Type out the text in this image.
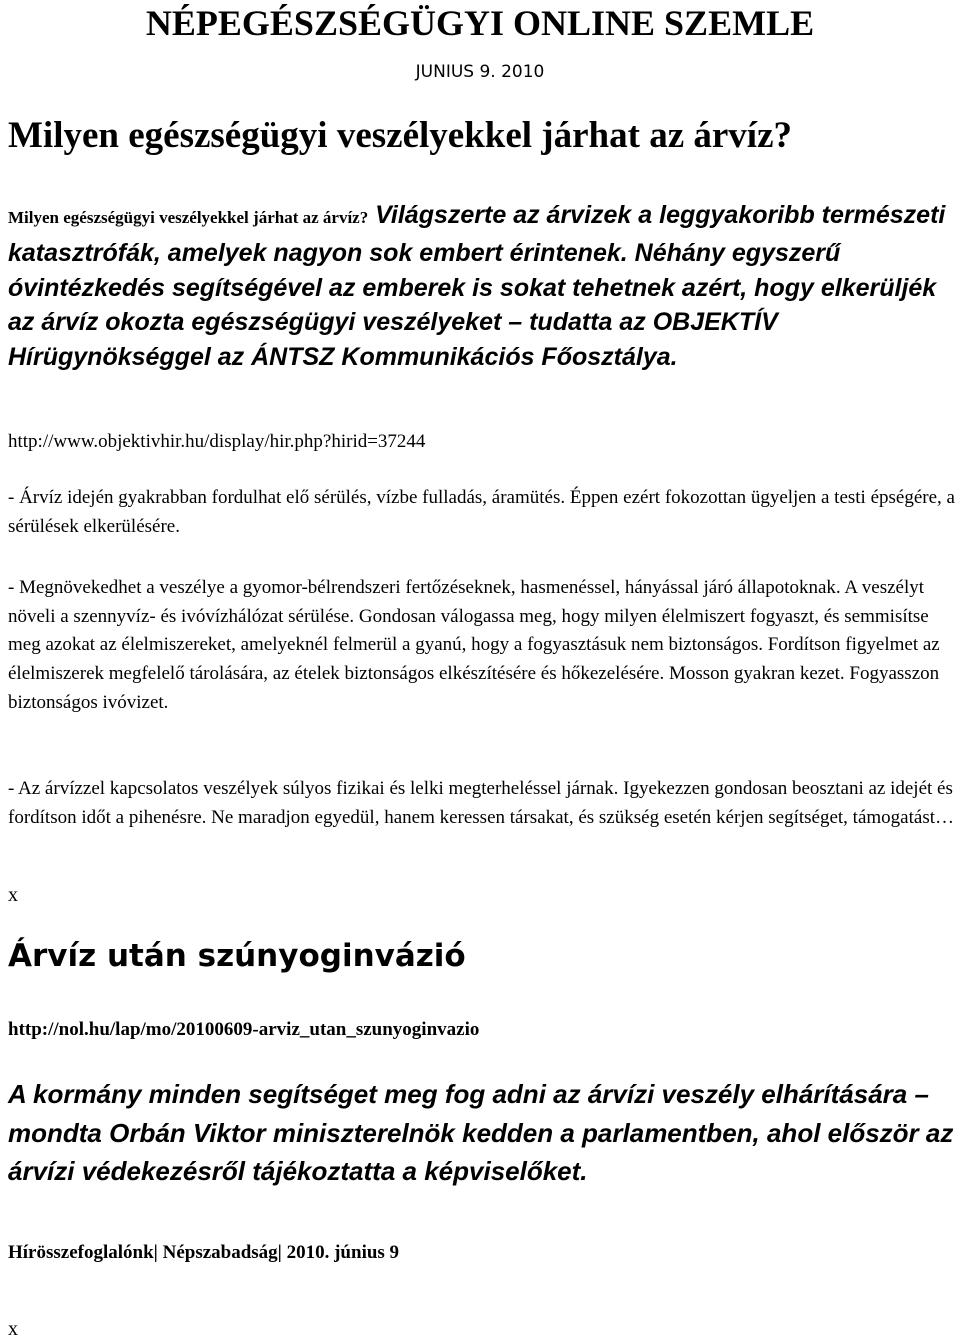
NÉPEGÉSZSÉGÜGYI ONLINE SZEMLE
JUNIUS 9. 2010
Milyen egészségügyi veszélyekkel járhat az árvíz?

Milyen egészségügyi veszélyekkel járhat az árvíz? Világszerte az árvizek a leggyakoribb természeti katasztrófák, amelyek nagyon sok embert érintenek. Néhány egyszerű óvintézkedés segítségével az emberek is sokat tehetnek azért, hogy elkerüljék az árvíz okozta egészségügyi veszélyeket – tudatta az OBJEKTÍV Hírügynökséggel az ÁNTSZ Kommunikációs Főosztálya.

http://www.objektivhir.hu/display/hir.php?hirid=37244

- Árvíz idején gyakrabban fordulhat elő sérülés, vízbe fulladás, áramütés. Éppen ezért fokozottan ügyeljen a testi épségére, a sérülések elkerülésére.

- Megnövekedhet a veszélye a gyomor-bélrendszeri fertőzéseknek, hasmenéssel, hányással járó állapotoknak. A veszélyt növeli a szennyvíz- és ivóvízhálózat sérülése. Gondosan válogassa meg, hogy milyen élelmiszert fogyaszt, és semmisítse meg azokat az élelmiszereket, amelyeknél felmerül a gyanú, hogy a fogyasztásuk nem biztonságos. Fordítson figyelmet az élelmiszerek megfelelő tárolására, az ételek biztonságos elkészítésére és hőkezelésére. Mosson gyakran kezet. Fogyasszon biztonságos ivóvizet.

- Az árvízzel kapcsolatos veszélyek súlyos fizikai és lelki megterheléssel járnak. Igyekezzen gondosan beosztani az idejét és fordítson időt a pihenésre. Ne maradjon egyedül, hanem keressen társakat, és szükség esetén kérjen segítséget, támogatást…

x
Árvíz után szúnyoginvázió
http://nol.hu/lap/mo/20100609-arviz_utan_szunyoginvazio

A kormány minden segítséget meg fog adni az árvízi veszély elhárítására – mondta Orbán Viktor miniszterelnök kedden a parlamentben, ahol először az árvízi védekezésről tájékoztatta a képviselőket.

Hírösszefoglalónk| Népszabadság| 2010. június 9
x
